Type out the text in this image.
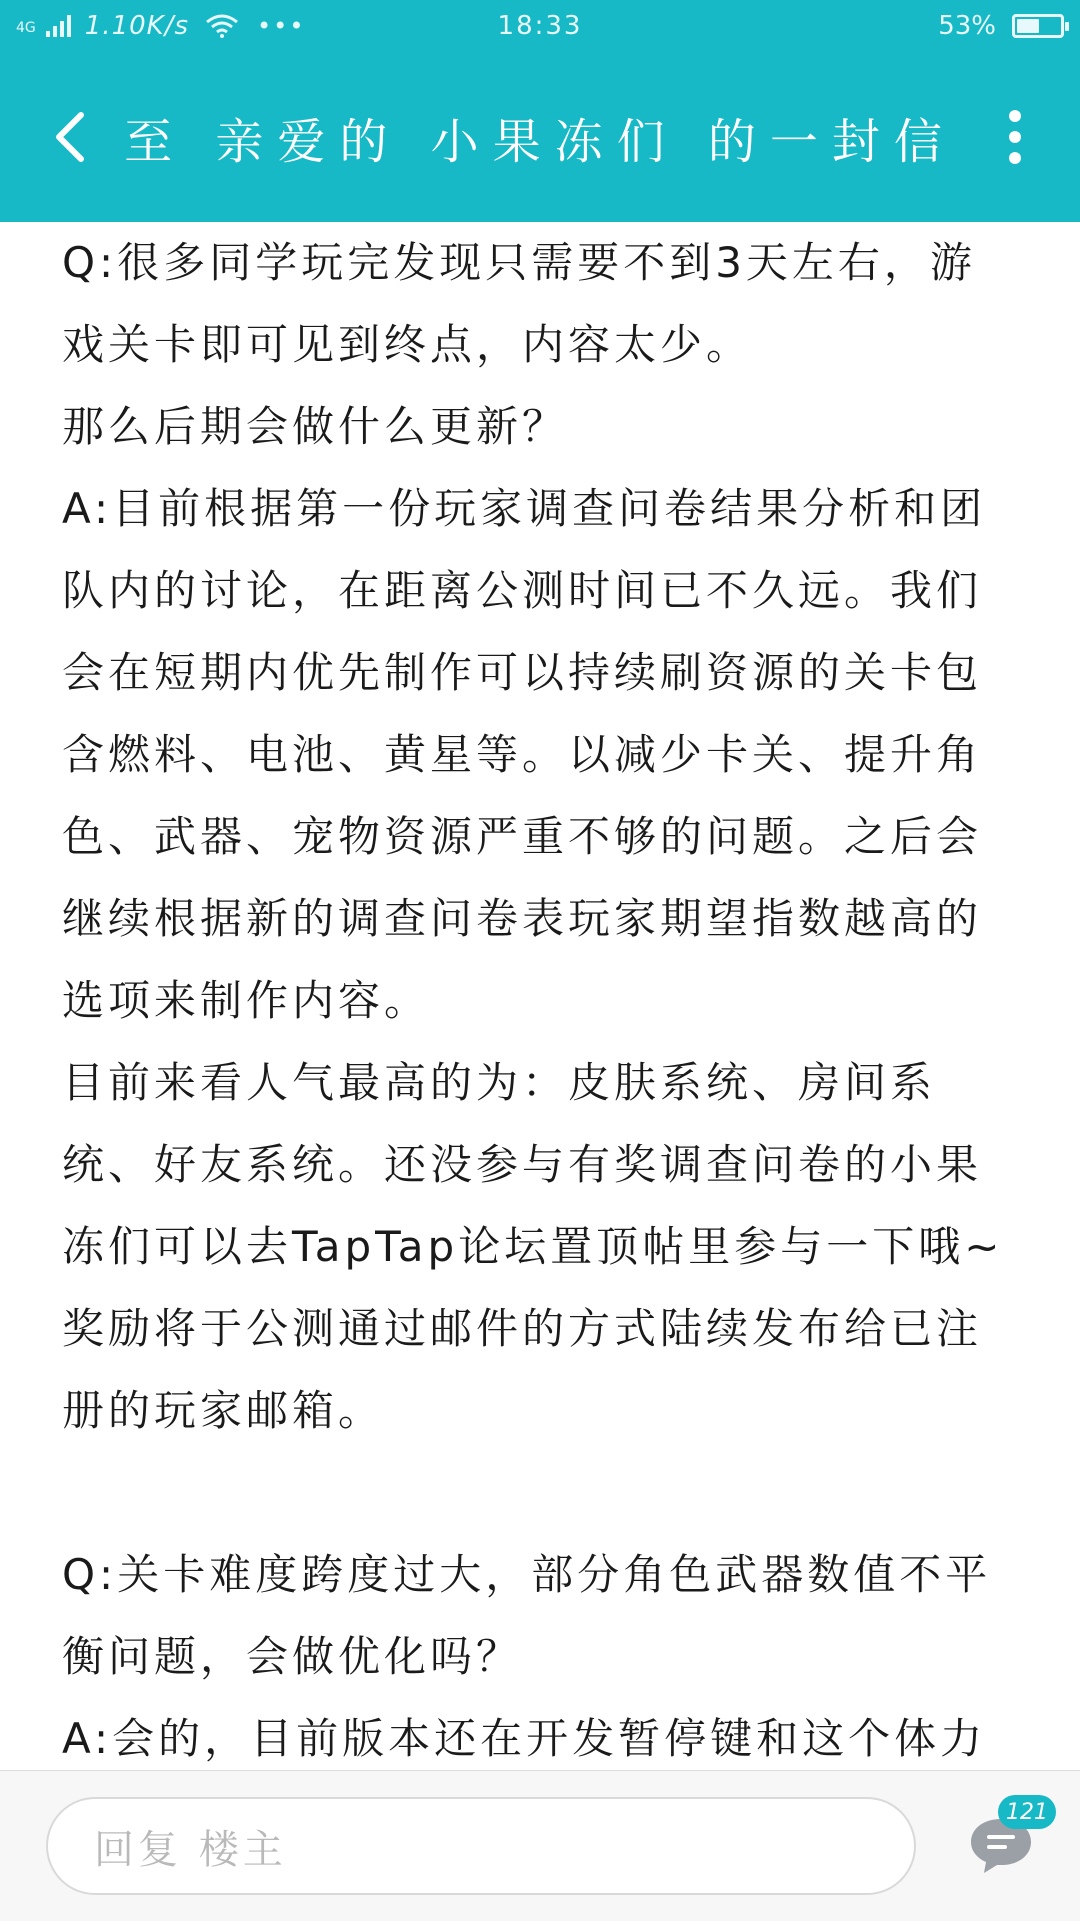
4G 1.10K/s	•••	18:33	53%
至 亲爱的 小果冻们 的一封信

Q:很多同学玩完发现只需要不到3天左右，游戏关卡即可见到终点，内容太少。

那么后期会做什么更新？

A:目前根据第一份玩家调查问卷结果分析和团队内的讨论，在距离公测时间已不久远。我们会在短期内优先制作可以持续刷资源的关卡包含燃料、电池、黄星等。以减少卡关、提升角色、武器、宠物资源严重不够的问题。之后会继续根据新的调查问卷表玩家期望指数越高的选项来制作内容。

目前来看人气最高的为：皮肤系统、房间系统、好友系统。还没参与有奖调查问卷的小果冻们可以去TapTap论坛置顶帖里参与一下哦~奖励将于公测通过邮件的方式陆续发布给已注册的玩家邮箱。

Q:关卡难度跨度过大，部分角色武器数值不平衡问题，会做优化吗？

A:会的，目前版本还在开发暂停键和这个体力

回复 楼主
121
